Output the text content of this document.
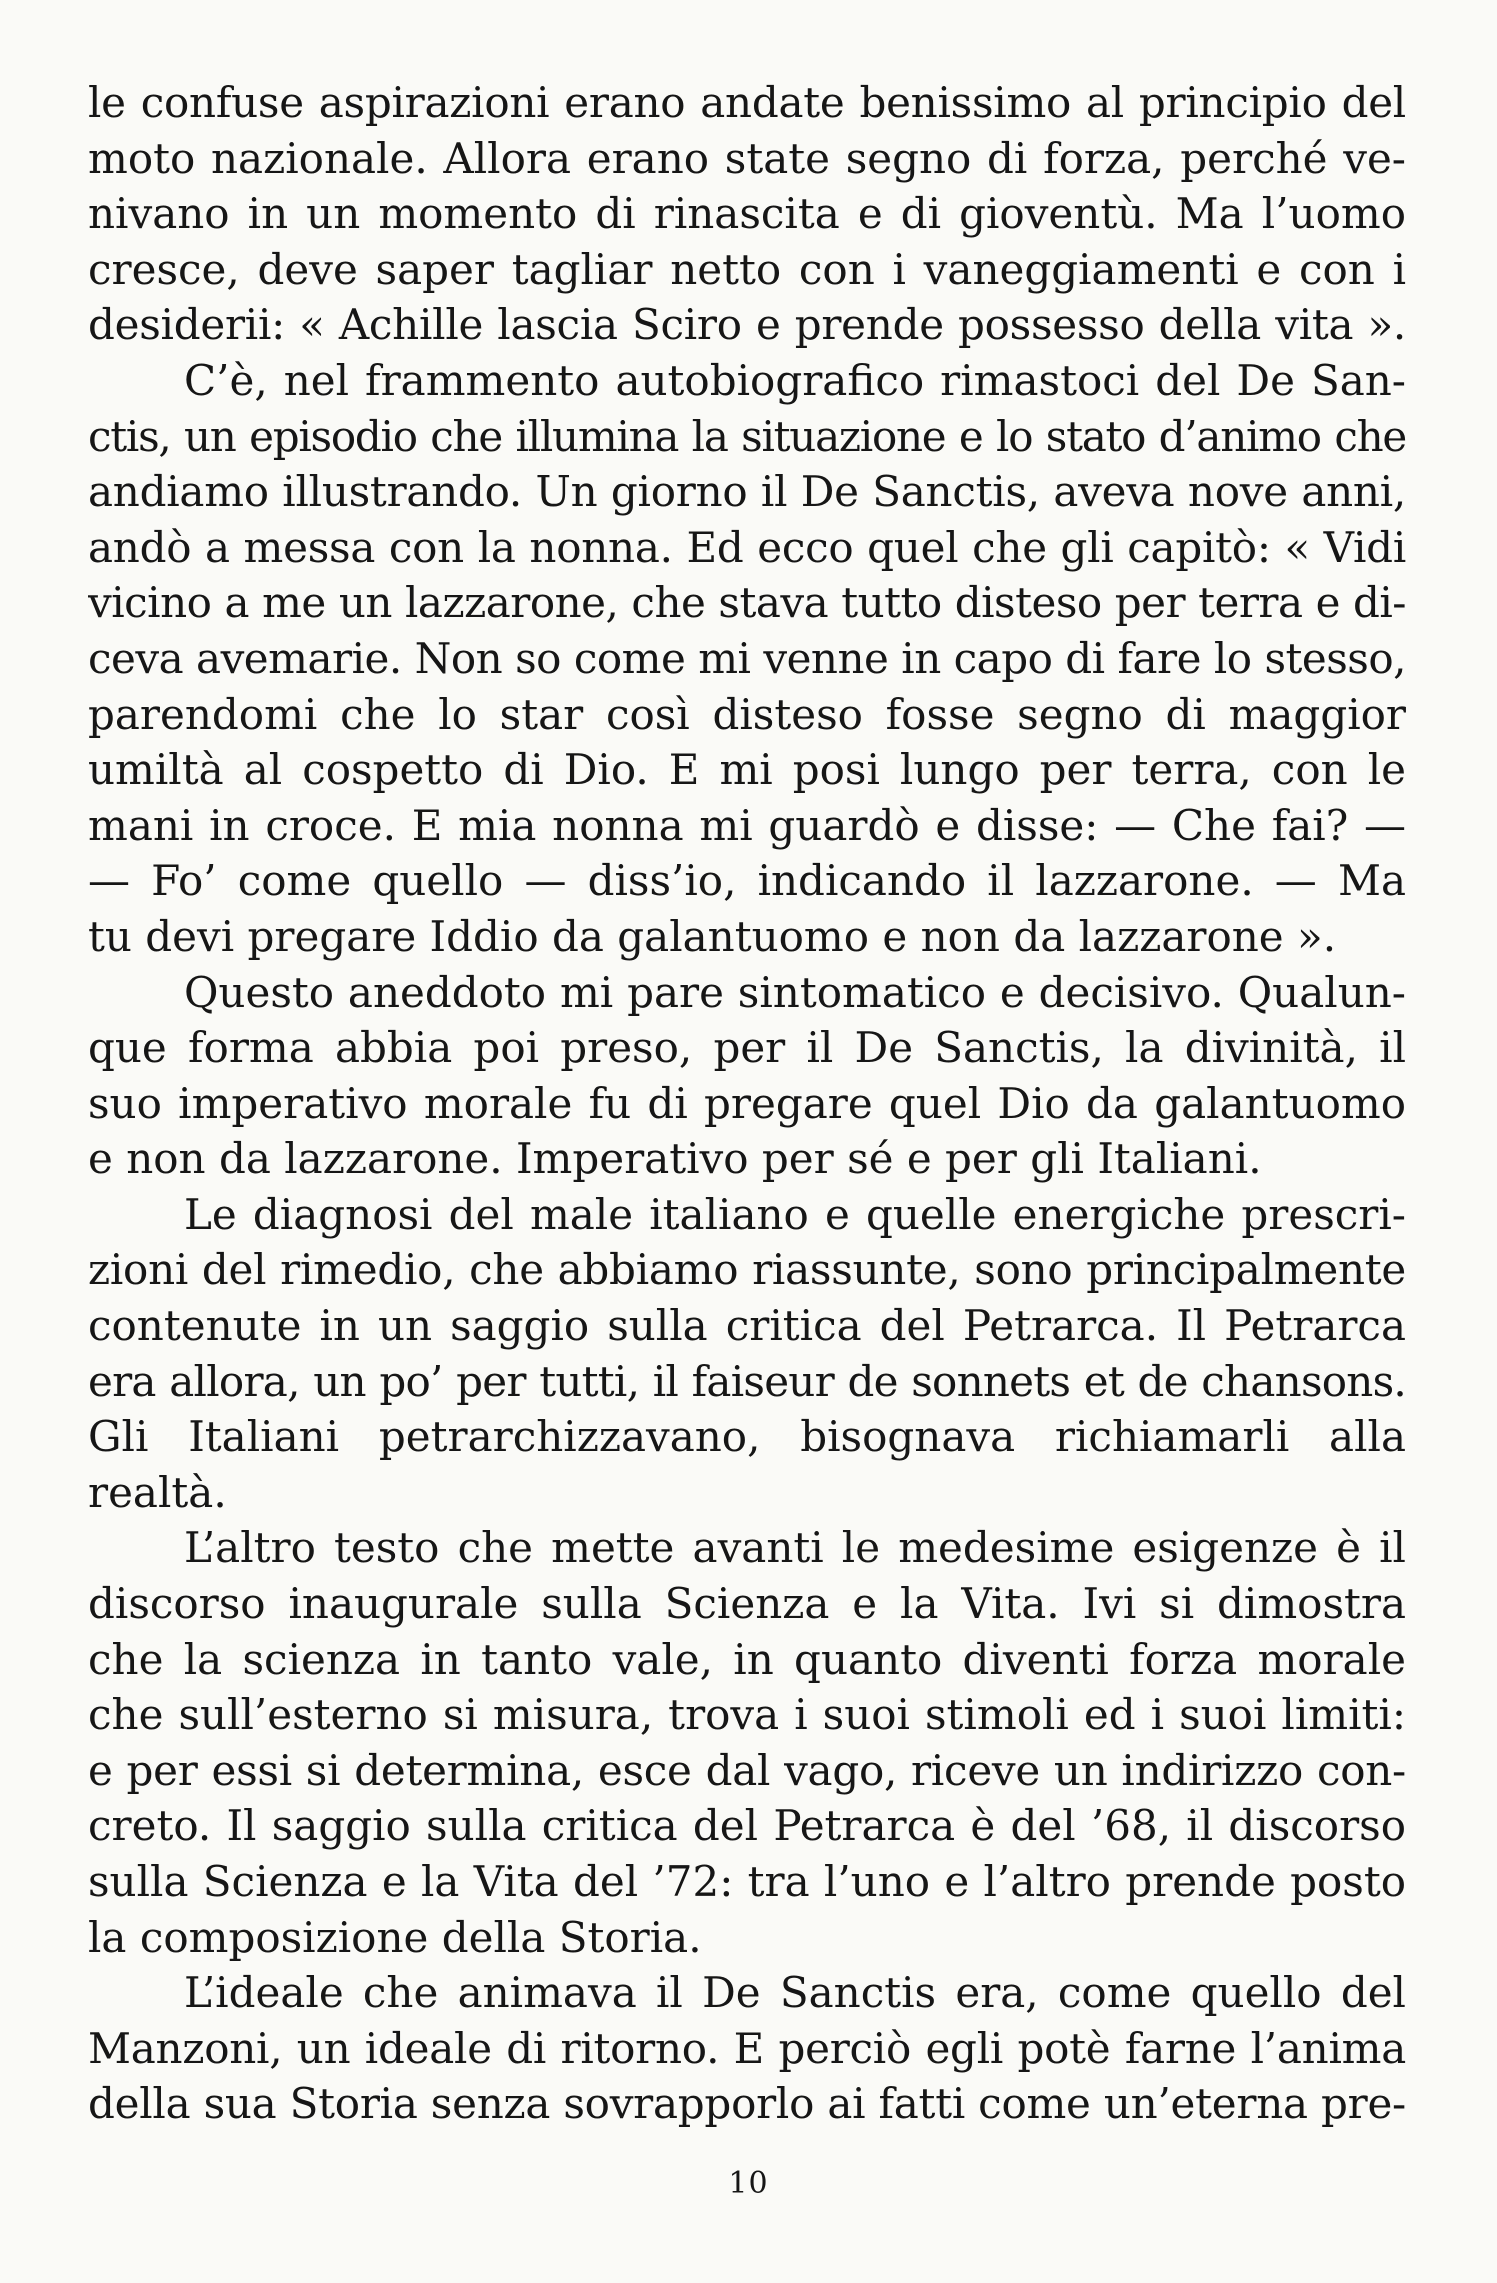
le confuse aspirazioni erano andate benissimo al principio del
moto nazionale. Allora erano state segno di forza, perché ve-
nivano in un momento di rinascita e di gioventù. Ma l’uomo
cresce, deve saper tagliar netto con i vaneggiamenti e con i
desiderii: « Achille lascia Sciro e prende possesso della vita ».
C’è, nel frammento autobiografico rimastoci del De San-
ctis, un episodio che illumina la situazione e lo stato d’animo che
andiamo illustrando. Un giorno il De Sanctis, aveva nove anni,
andò a messa con la nonna. Ed ecco quel che gli capitò: « Vidi
vicino a me un lazzarone, che stava tutto disteso per terra e di-
ceva avemarie. Non so come mi venne in capo di fare lo stesso,
parendomi che lo star così disteso fosse segno di maggior
umiltà al cospetto di Dio. E mi posi lungo per terra, con le
mani in croce. E mia nonna mi guardò e disse: — Che fai? —
— Fo’ come quello — diss’io, indicando il lazzarone. — Ma
tu devi pregare Iddio da galantuomo e non da lazzarone ».
Questo aneddoto mi pare sintomatico e decisivo. Qualun-
que forma abbia poi preso, per il De Sanctis, la divinità, il
suo imperativo morale fu di pregare quel Dio da galantuomo
e non da lazzarone. Imperativo per sé e per gli Italiani.
Le diagnosi del male italiano e quelle energiche prescri-
zioni del rimedio, che abbiamo riassunte, sono principalmente
contenute in un saggio sulla critica del Petrarca. Il Petrarca
era allora, un po’ per tutti, il faiseur de sonnets et de chansons.
Gli Italiani petrarchizzavano, bisognava richiamarli alla
realtà.
L’altro testo che mette avanti le medesime esigenze è il
discorso inaugurale sulla Scienza e la Vita. Ivi si dimostra
che la scienza in tanto vale, in quanto diventi forza morale
che sull’esterno si misura, trova i suoi stimoli ed i suoi limiti:
e per essi si determina, esce dal vago, riceve un indirizzo con-
creto. Il saggio sulla critica del Petrarca è del ’68, il discorso
sulla Scienza e la Vita del ’72: tra l’uno e l’altro prende posto
la composizione della Storia.
L’ideale che animava il De Sanctis era, come quello del
Manzoni, un ideale di ritorno. E perciò egli potè farne l’anima
della sua Storia senza sovrapporlo ai fatti come un’eterna pre-
10
